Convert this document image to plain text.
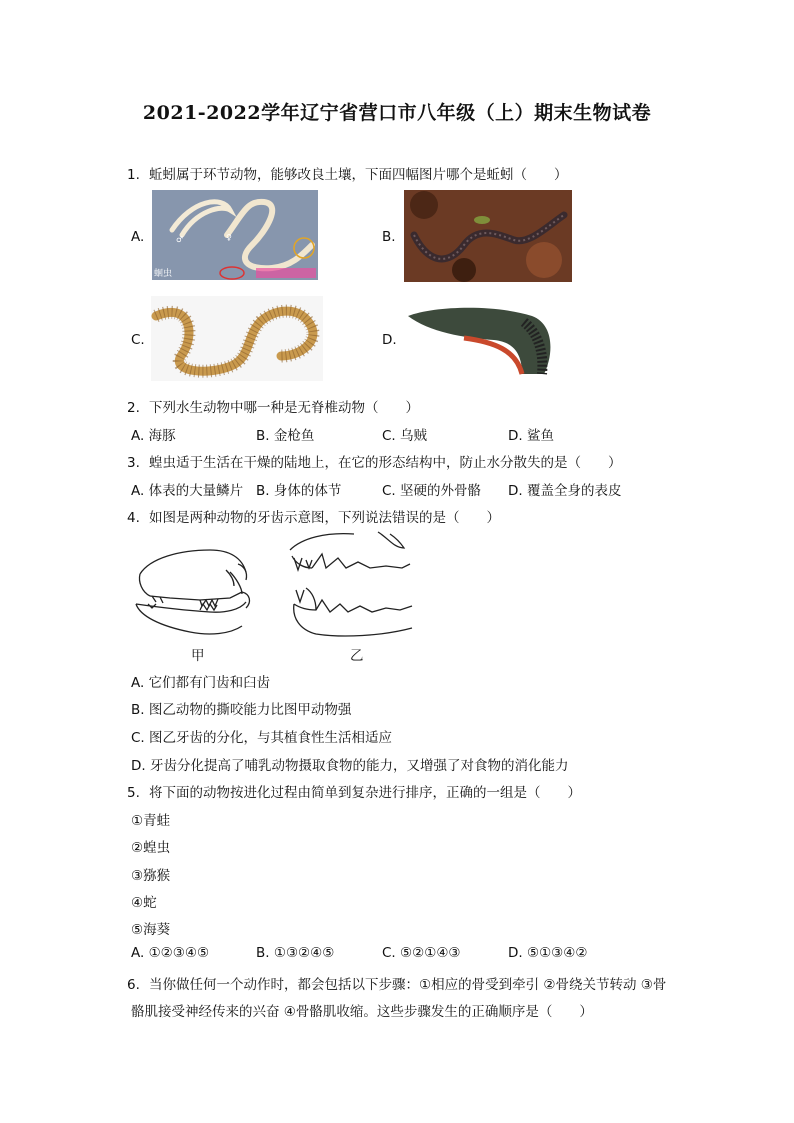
2021-2022学年辽宁省营口市八年级（上）期末生物试卷
1. 蚯蚓属于环节动物，能够改良土壤，下面四幅图片哪个是蚯蚓（　　）
A.
蛔虫
♂	♀	B.
C.	D.
2. 下列水生动物中哪一种是无脊椎动物（　　）
A. 海豚	B. 金枪鱼	C. 乌贼	D. 鲨鱼
3. 蝗虫适于生活在干燥的陆地上，在它的形态结构中，防止水分散失的是（　　）
A. 体表的大量鳞片 B. 身体的体节	C. 坚硬的外骨骼 D. 覆盖全身的表皮
4. 如图是两种动物的牙齿示意图，下列说法错误的是（　　）
甲	乙
A. 它们都有门齿和臼齿
B. 图乙动物的撕咬能力比图甲动物强
C. 图乙牙齿的分化，与其植食性生活相适应
D. 牙齿分化提高了哺乳动物摄取食物的能力，又增强了对食物的消化能力
5. 将下面的动物按进化过程由简单到复杂进行排序，正确的一组是（　　）
①青蛙
②蝗虫
③猕猴
④蛇
⑤海葵
A. ①②③④⑤	B. ①③②④⑤	C. ⑤②①④③	D. ⑤①③④②
6. 当你做任何一个动作时，都会包括以下步骤：①相应的骨受到牵引 ②骨绕关节转动 ③骨
骼肌接受神经传来的兴奋 ④骨骼肌收缩。这些步骤发生的正确顺序是（　　）
